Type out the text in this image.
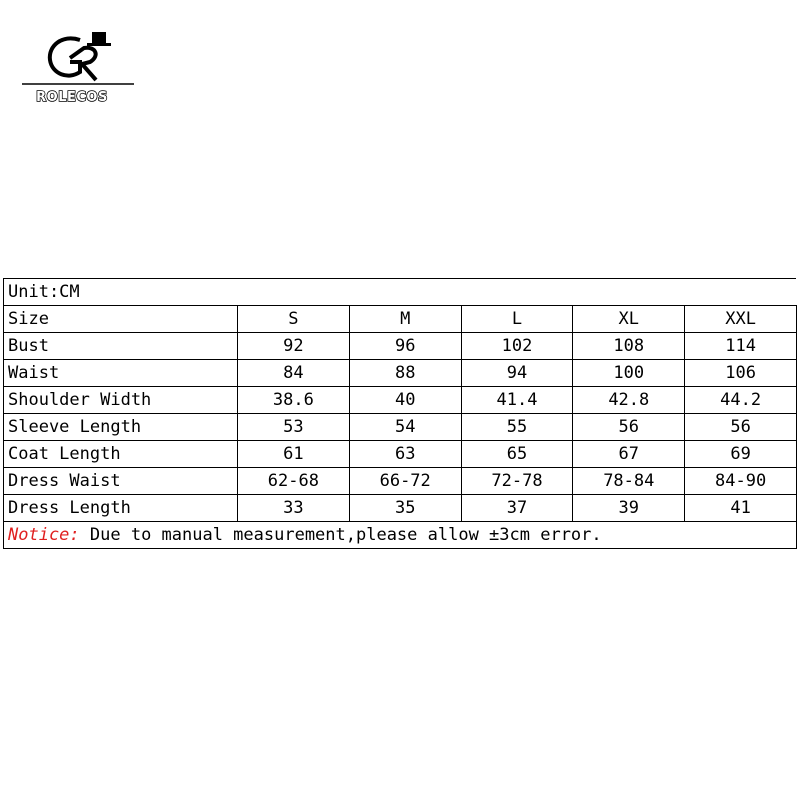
ROLECOS
Unit:CM					
Size	S	M	L	XL	XXL
Bust	92	96	102	108	114
Waist	84	88	94	100	106
Shoulder Width	38.6	40	41.4	42.8	44.2
Sleeve Length	53	54	55	56	56
Coat Length	61	63	65	67	69
Dress Waist	62-68	66-72	72-78	78-84	84-90
Dress Length	33	35	37	39	41
Notice: Due to manual measurement,please allow ±3cm error.					
